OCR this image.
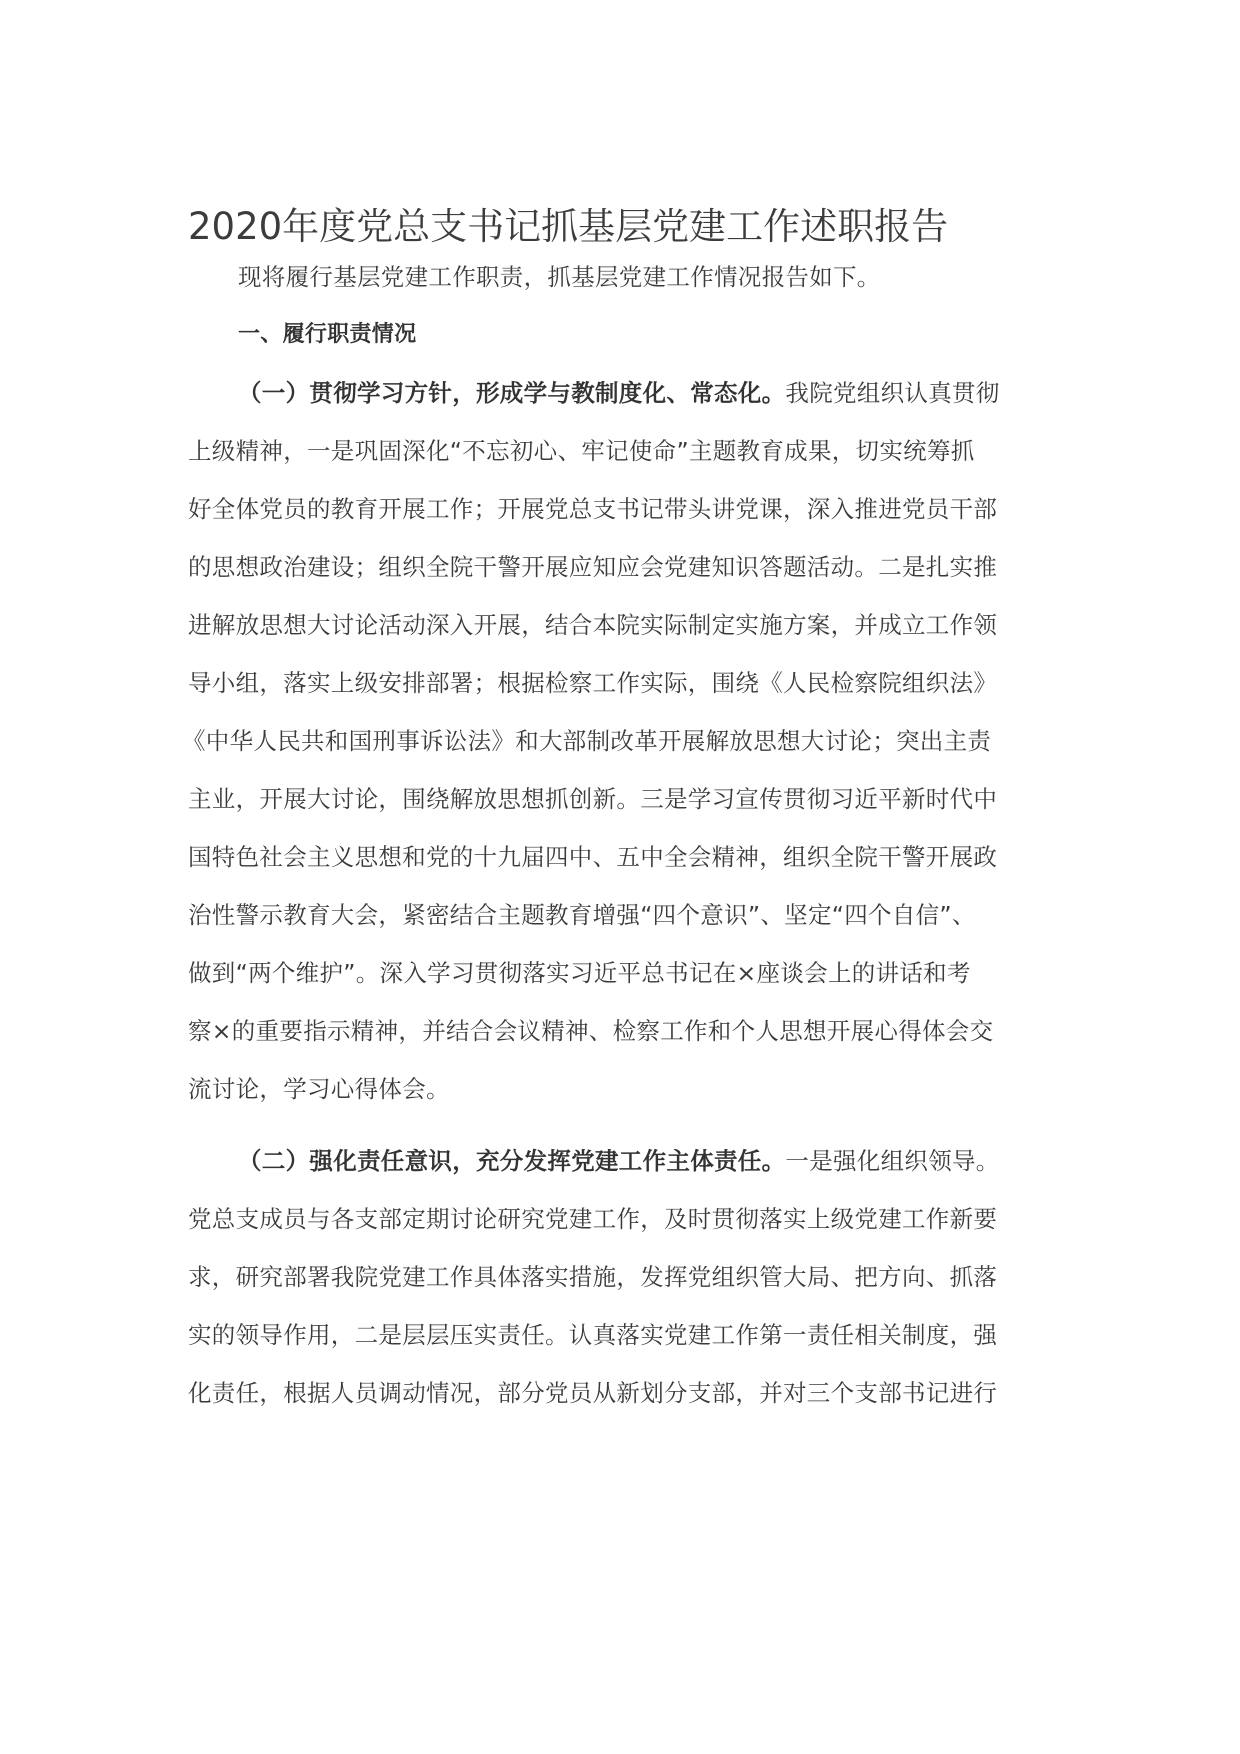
2020年度党总支书记抓基层党建工作述职报告
现将履行基层党建工作职责，抓基层党建工作情况报告如下。
一、履行职责情况
（一）贯彻学习方针，形成学与教制度化、常态化。我院党组织认真贯彻
上级精神，一是巩固深化“不忘初心、牢记使命”主题教育成果，切实统筹抓
好全体党员的教育开展工作；开展党总支书记带头讲党课，深入推进党员干部
的思想政治建设；组织全院干警开展应知应会党建知识答题活动。二是扎实推
进解放思想大讨论活动深入开展，结合本院实际制定实施方案，并成立工作领
导小组，落实上级安排部署；根据检察工作实际，围绕《人民检察院组织法》
《中华人民共和国刑事诉讼法》和大部制改革开展解放思想大讨论；突出主责
主业，开展大讨论，围绕解放思想抓创新。三是学习宣传贯彻习近平新时代中
国特色社会主义思想和党的十九届四中、五中全会精神，组织全院干警开展政
治性警示教育大会，紧密结合主题教育增强“四个意识”、坚定“四个自信”、
做到“两个维护”。深入学习贯彻落实习近平总书记在×座谈会上的讲话和考
察×的重要指示精神，并结合会议精神、检察工作和个人思想开展心得体会交
流讨论，学习心得体会。
（二）强化责任意识，充分发挥党建工作主体责任。一是强化组织领导。
党总支成员与各支部定期讨论研究党建工作，及时贯彻落实上级党建工作新要
求，研究部署我院党建工作具体落实措施，发挥党组织管大局、把方向、抓落
实的领导作用，二是层层压实责任。认真落实党建工作第一责任相关制度，强
化责任，根据人员调动情况，部分党员从新划分支部，并对三个支部书记进行
